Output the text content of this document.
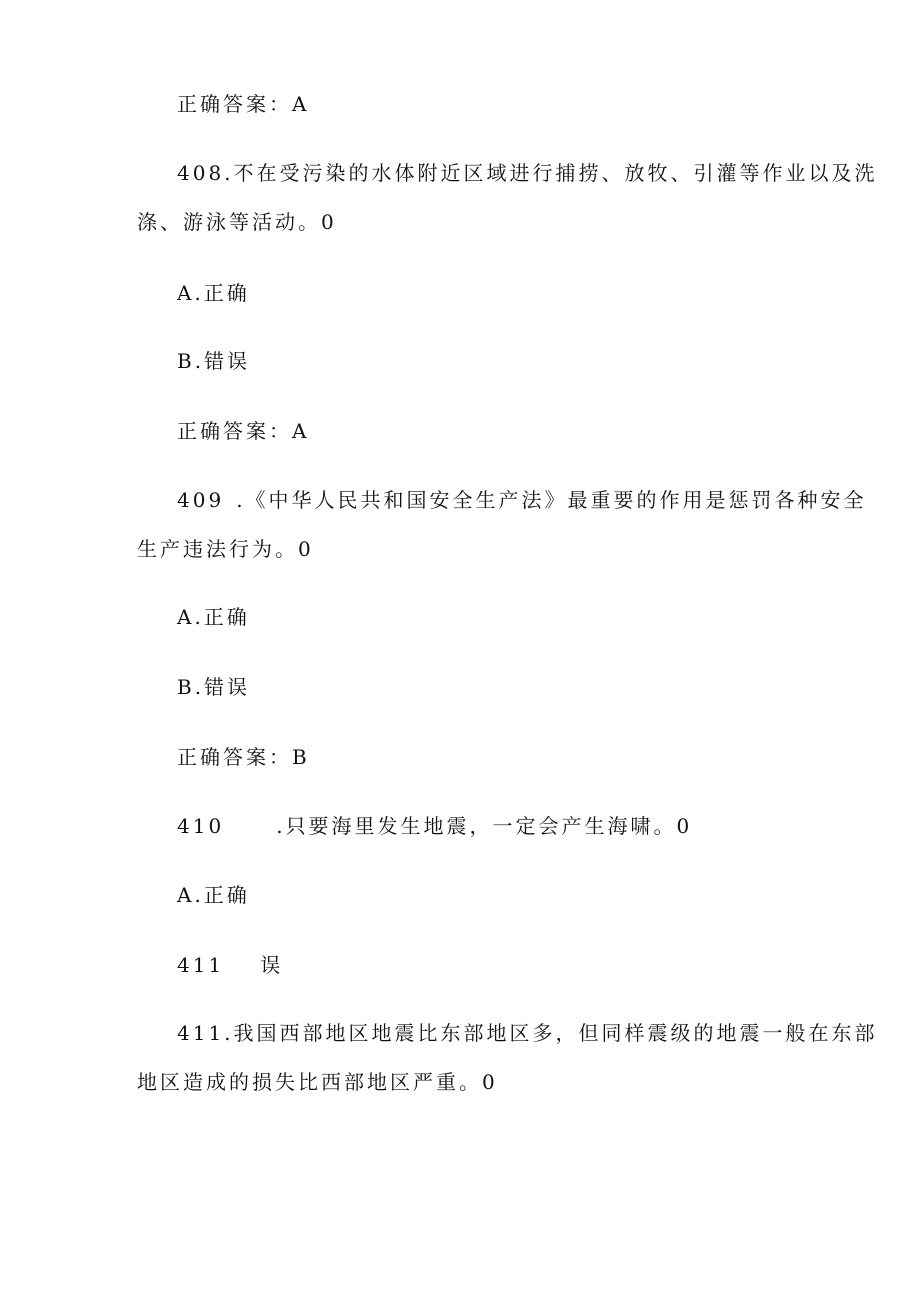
正确答案：A
408.不在受污染的水体附近区域进行捕捞、放牧、引灌等作业以及洗
涤、游泳等活动。0
A.正确
B.错误
正确答案：A
409 .《中华人民共和国安全生产法》最重要的作用是惩罚各种安全
生产违法行为。0
A.正确
B.错误
正确答案：B
410	.只要海里发生地震，一定会产生海啸。0
A.正确
411 误
411.我国西部地区地震比东部地区多，但同样震级的地震一般在东部
地区造成的损失比西部地区严重。0
